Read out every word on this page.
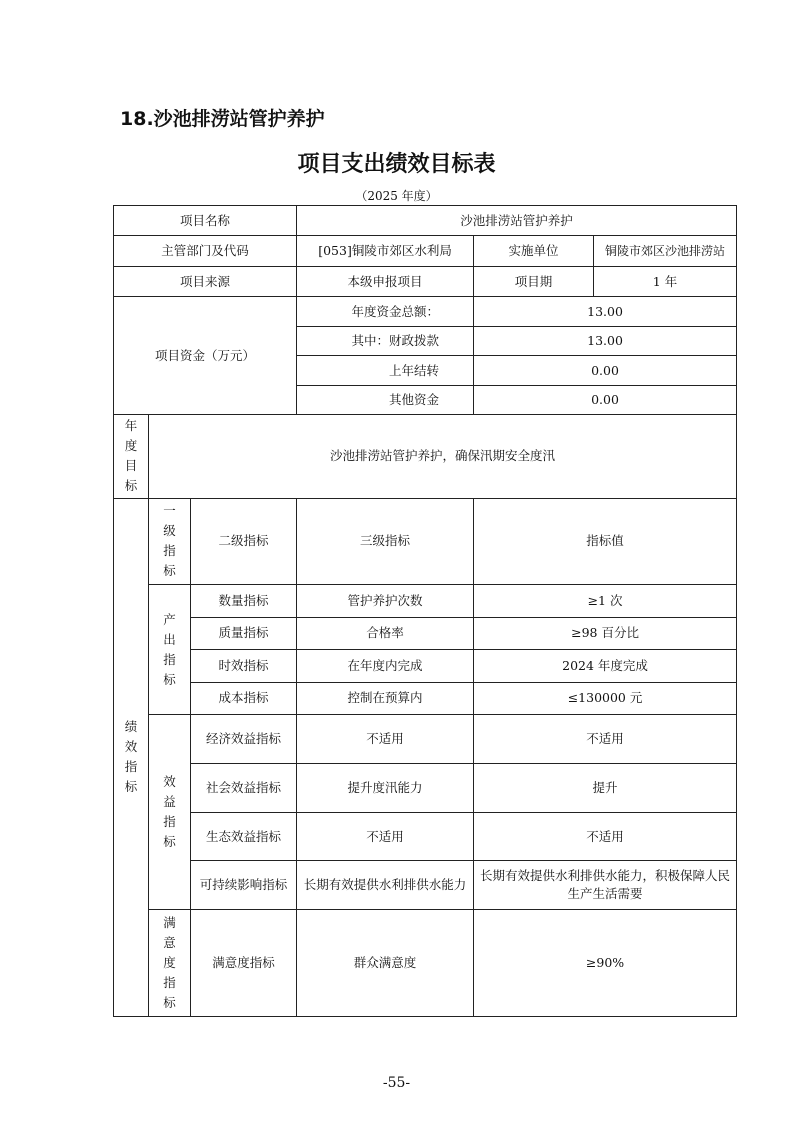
18.沙池排涝站管护养护
项目支出绩效目标表
（2025 年度）
项目名称			沙池排涝站管护养护		
主管部门及代码			[053]铜陵市郊区水利局	实施单位	铜陵市郊区沙池排涝站
项目来源			本级申报项目	项目期	1 年
项目资金（万元）			年度资金总额：	13.00	
			其中：财政拨款	13.00	
			上年结转	0.00	
			其他资金	0.00	
年度目标	沙池排涝站管护养护，确保汛期安全度汛				
绩效指标	一级指标	二级指标	三级指标	指标值	
	产出指标	数量指标	管护养护次数	≥1 次	
		质量指标	合格率	≥98 百分比	
		时效指标	在年度内完成	2024 年度完成	
		成本指标	控制在预算内	≤130000 元	
	效益指标	经济效益指标	不适用	不适用	
		社会效益指标	提升度汛能力	提升	
		生态效益指标	不适用	不适用	
		可持续影响指标	长期有效提供水利排供水能力	长期有效提供水利排供水能力，积极保障人民生产生活需要	
	满意度指标	满意度指标	群众满意度	≥90%	
-55-
